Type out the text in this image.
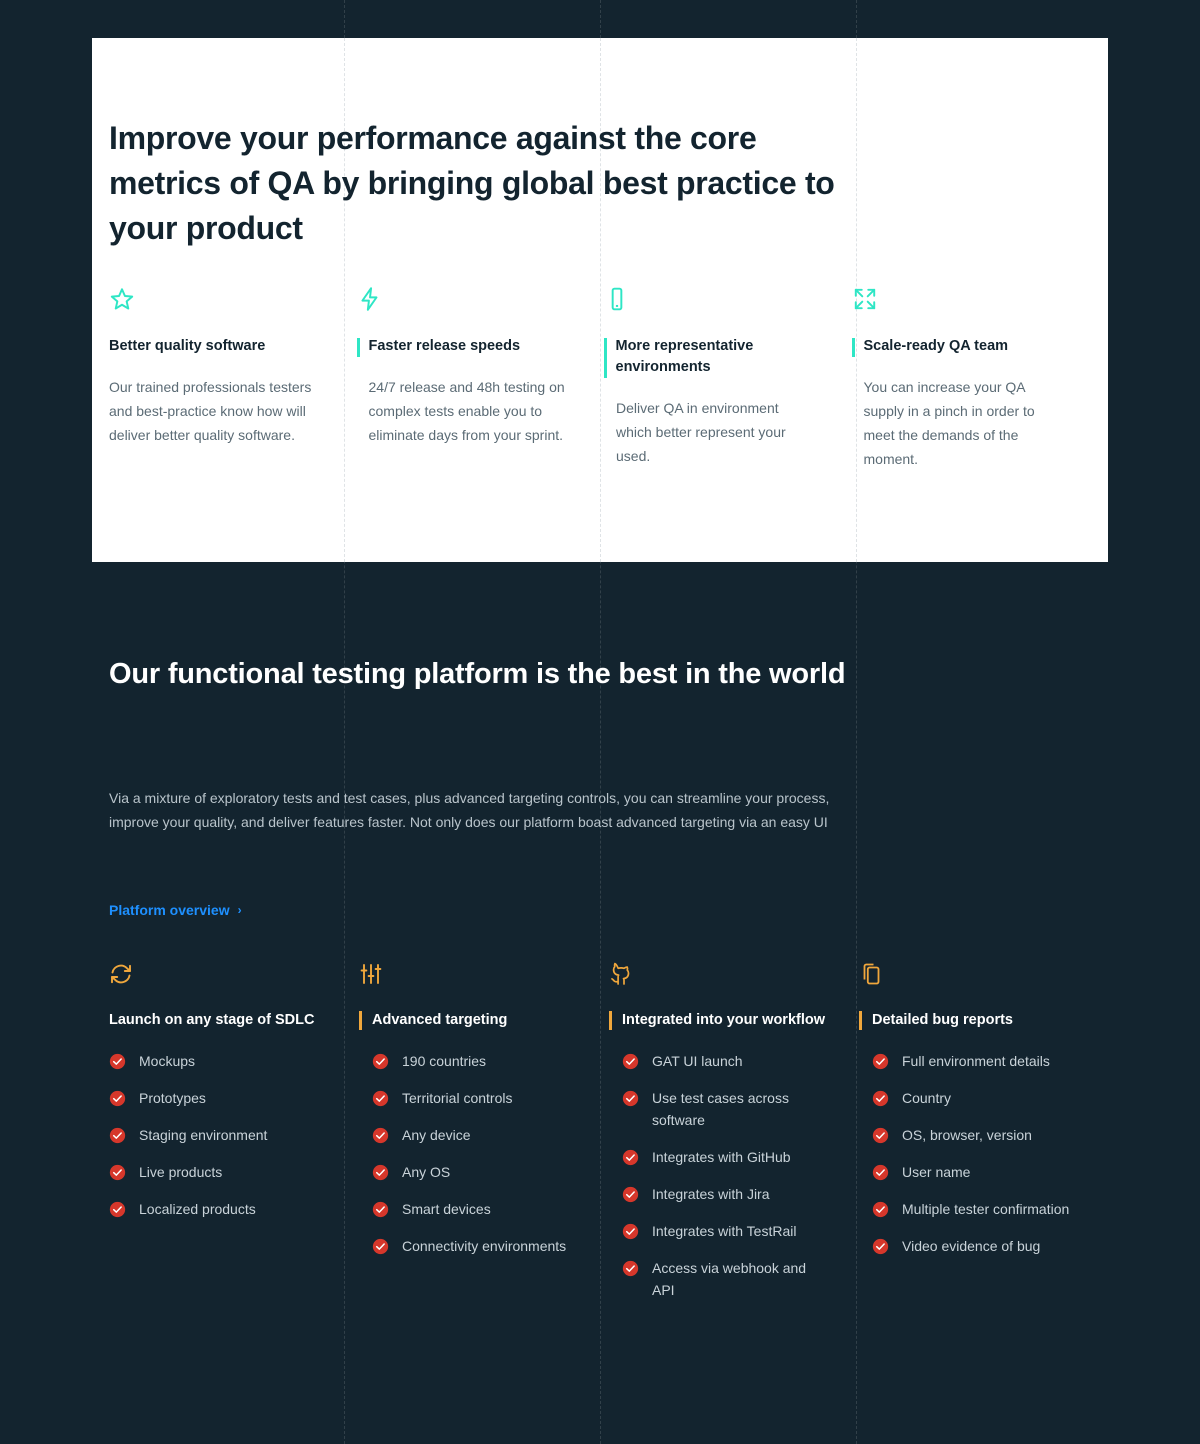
Improve your performance against the core metrics of QA by bringing global best practice to your product
Better quality software

Our trained professionals testers and best-practice know how will deliver better quality software.

Faster release speeds

24/7 release and 48h testing on complex tests enable you to eliminate days from your sprint.

More representative environments

Deliver QA in environment which better represent your used.

Scale-ready QA team

You can increase your QA supply in a pinch in order to meet the demands of the moment.

Our functional testing platform is the best in the world

Via a mixture of exploratory tests and test cases, plus advanced targeting controls, you can streamline your process, improve your quality, and deliver features faster. Not only does our platform boast advanced targeting via an easy UI

Platform overview ›
Launch on any stage of SDLC
Mockups
Prototypes
Staging environment
Live products
Localized products
Advanced targeting
190 countries
Territorial controls
Any device
Any OS
Smart devices
Connectivity environments
Integrated into your workflow
GAT UI launch
Use test cases across software
Integrates with GitHub
Integrates with Jira
Integrates with TestRail
Access via webhook and API
Detailed bug reports
Full environment details
Country
OS, browser, version
User name
Multiple tester confirmation
Video evidence of bug
